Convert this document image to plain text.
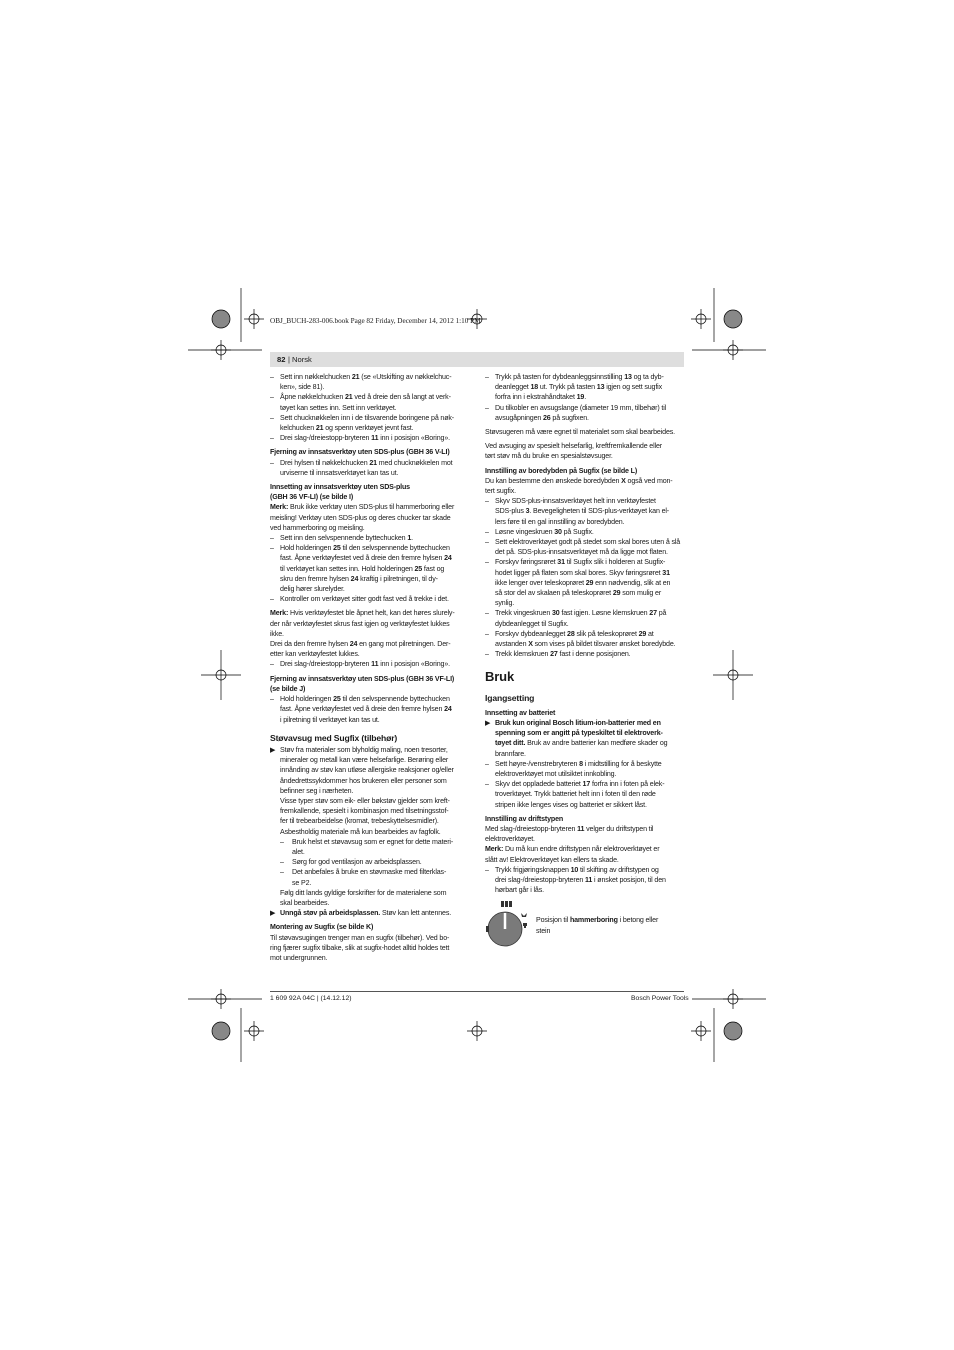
OBJ_BUCH-283-006.book Page 82 Friday, December 14, 2012 1:10 PM
82 | Norsk

– Sett inn nøkkelchucken 21 (se «Utskifting av nøkkelchuc-
ken», side 81).

– Åpne nøkkelchucken 21 ved å dreie den så langt at verk-
tøyet kan settes inn. Sett inn verktøyet.

– Sett chucknøkkelen inn i de tilsvarende boringene på nøk-
kelchucken 21 og spenn verktøyet jevnt fast.

– Drei slag-/dreiestopp-bryteren 11 inn i posisjon «Boring».

Fjerning av innsatsverktøy uten SDS-plus (GBH 36 V-LI)

– Drei hylsen til nøkkelchucken 21 med chucknøkkelen mot
urviserne til innsatsverktøyet kan tas ut.

Innsetting av innsatsverktøy uten SDS-plus
(GBH 36 VF-LI) (se bilde I)

Merk: Bruk ikke verktøy uten SDS-plus til hammerboring eller
meisling! Verktøy uten SDS-plus og deres chucker tar skade
ved hammerboring og meisling.

– Sett inn den selvspennende byttechucken 1.

– Hold holderingen 25 til den selvspennende byttechucken
fast. Åpne verktøyfestet ved å dreie den fremre hylsen 24
til verktøyet kan settes inn. Hold holderingen 25 fast og
skru den fremre hylsen 24 kraftig i pilretningen, til dy-
delig hører slurelyder.

– Kontroller om verktøyet sitter godt fast ved å trekke i det.

Merk: Hvis verktøyfestet ble åpnet helt, kan det høres slurely-
der når verktøyfestet skrus fast igjen og verktøyfestet lukkes
ikke.

Drei da den fremre hylsen 24 en gang mot pilretningen. Der-
etter kan verktøyfestet lukkes.

– Drei slag-/dreiestopp-bryteren 11 inn i posisjon «Boring».

Fjerning av innsatsverktøy uten SDS-plus (GBH 36 VF-LI)
(se bilde J)

– Hold holderingen 25 til den selvspennende byttechucken
fast. Åpne verktøyfestet ved å dreie den fremre hylsen 24
i pilretning til verktøyet kan tas ut.

Støvavsug med Sugfix (tilbehør)

▶ Støv fra materialer som blyholdig maling, noen tresorter,
mineraler og metall kan være helsefarlige. Berøring eller
innånding av støv kan utløse allergiske reaksjoner og/eller
åndedrettssykdommer hos brukeren eller personer som
befinner seg i nærheten.
Visse typer støv som eik- eller bøkstøv gjelder som kreft-
fremkallende, spesielt i kombinasjon med tilsetningsstof-
fer til trebearbeidelse (kromat, trebeskyttelsesmidler).
Asbestholdig materiale må kun bearbeides av fagfolk.

– Bruk helst et støvavsug som er egnet for dette materi-
alet.

– Sørg for god ventilasjon av arbeidsplassen.

– Det anbefales å bruke en støvmaske med filterklas-
se P2.

Følg ditt lands gyldige forskrifter for de materialene som
skal bearbeides.

▶ Unngå støv på arbeidsplassen. Støv kan lett antennes.

Montering av Sugfix (se bilde K)

Til støvavsugingen trenger man en sugfix (tilbehør). Ved bo-
ring fjærer sugfix tilbake, slik at sugfix-hodet alltid holdes tett
mot undergrunnen.

– Trykk på tasten for dybdeanleggsinnstilling 13 og ta dyb-
deanlegget 18 ut. Trykk på tasten 13 igjen og sett sugfix
forfra inn i ekstrahåndtaket 19.

– Du tilkobler en avsugslange (diameter 19 mm, tilbehør) til
avsugåpningen 26 på sugfixen.

Støvsugeren må være egnet til materialet som skal bearbeides.

Ved avsuging av spesielt helsefarlig, kreftfremkallende eller
tørt støv må du bruke en spesialstøvsuger.

Innstilling av boredybden på Sugfix (se bilde L)

Du kan bestemme den ønskede boredybden X også ved mon-
tert sugfix.

– Skyv SDS-plus-innsatsverktøyet helt inn verktøyfestet
SDS-plus 3. Bevegeligheten til SDS-plus-verktøyet kan el-
lers føre til en gal innstilling av boredybden.

– Løsne vingeskruen 30 på Sugfix.

– Sett elektroverktøyet godt på stedet som skal bores uten å slå
det på. SDS-plus-innsatsverktøyet må da ligge mot flaten.

– Forskyv føringsrøret 31 til Sugfix slik i holderen at Sugfix-
hodet ligger på flaten som skal bores. Skyv føringsrøret 31
ikke lenger over teleskoprøret 29 enn nødvendig, slik at en
så stor del av skalaen på teleskoprøret 29 som mulig er
synlig.

– Trekk vingeskruen 30 fast igjen. Løsne klemskruen 27 på
dybdeanlegget til Sugfix.

– Forskyv dybdeanlegget 28 slik på teleskoprøret 29 at
avstanden X som vises på bildet tilsvarer ønsket boredybde.

– Trekk klemskruen 27 fast i denne posisjonen.

Bruk

Igangsetting

Innsetting av batteriet

▶ Bruk kun original Bosch litium-ion-batterier med en
spenning som er angitt på typeskiltet til elektroverk-
tøyet ditt. Bruk av andre batterier kan medføre skader og
brannfare.

– Sett høyre-/venstrebryteren 8 i midtstilling for å beskytte
elektroverktøyet mot utilsiktet innkobling.

– Skyv det oppladede batteriet 17 forfra inn i foten på elek-
troverktøyet. Trykk batteriet helt inn i foten til den røde
stripen ikke lenges vises og batteriet er sikkert låst.

Innstilling av driftstypen

Med slag-/dreiestopp-bryteren 11 velger du driftstypen til
elektroverktøyet.

Merk: Du må kun endre driftstypen når elektroverktøyet er
slått av! Elektroverktøyet kan ellers ta skade.

– Trykk frigjøringsknappen 10 til skifting av driftstypen og
drei slag-/dreiestopp-bryteren 11 i ønsket posisjon, til den
hørbart går i lås.

Posisjon til hammerboring i betong eller
stein
1 609 92A 04C | (14.12.12)	Bosch Power Tools
